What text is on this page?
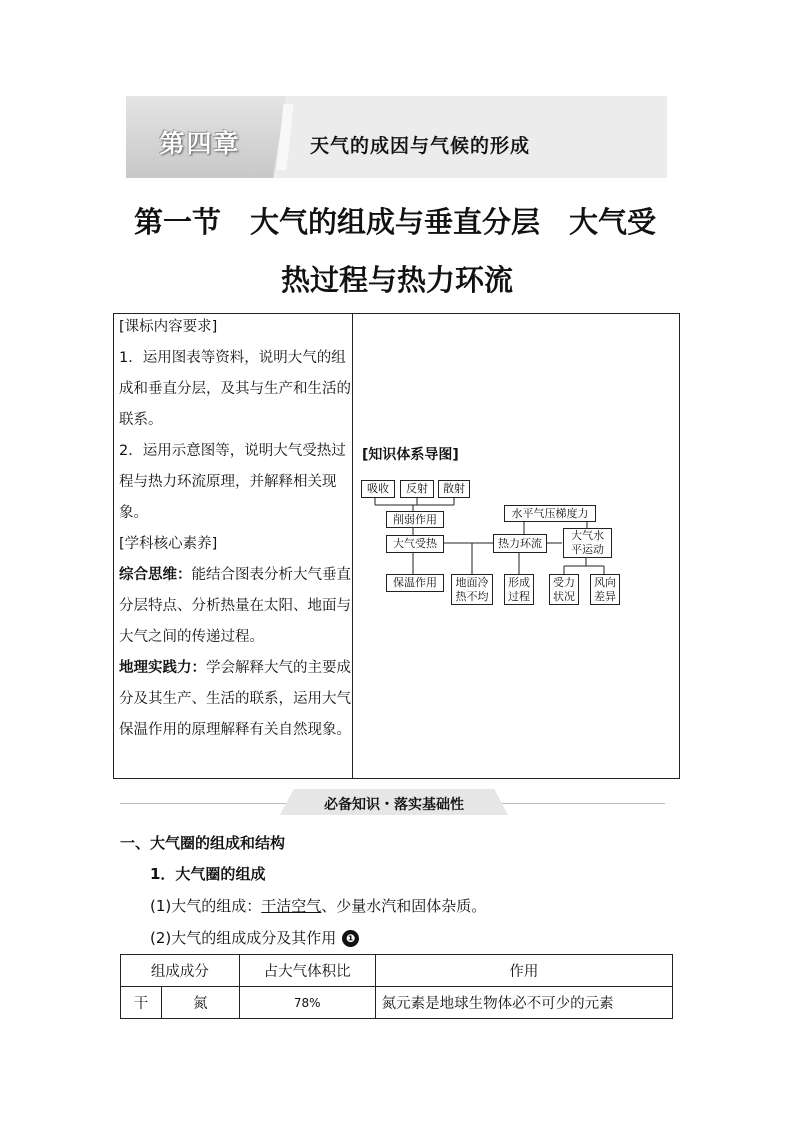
第四章	天气的成因与气候的形成
第一节　大气的组成与垂直分层　大气受
热过程与热力环流

[课标内容要求]

1．运用图表等资料，说明大气的组成和垂直分层，及其与生产和生活的联系。

2．运用示意图等，说明大气受热过程与热力环流原理，并解释相关现象。

[学科核心素养]

综合思维：能结合图表分析大气垂直分层特点、分析热量在太阳、地面与大气之间的传递过程。

地理实践力：学会解释大气的主要成分及其生产、生活的联系，运用大气保温作用的原理解释有关自然现象。

[知识体系导图]
吸收	反射	散射
削弱作用
大气受热
保温作用	地面冷热不均
热力环流
形成过程
水平气压梯度力
大气水平运动
受力状况
风向差异
必备知识・落实基础性
一、大气圈的组成和结构
1．大气圈的组成
(1)大气的组成：干洁空气、少量水汽和固体杂质。
(2)大气的组成成分及其作用 ❶
组成成分		占大气体积比	作用
干	氮	78%	氮元素是地球生物体必不可少的元素
